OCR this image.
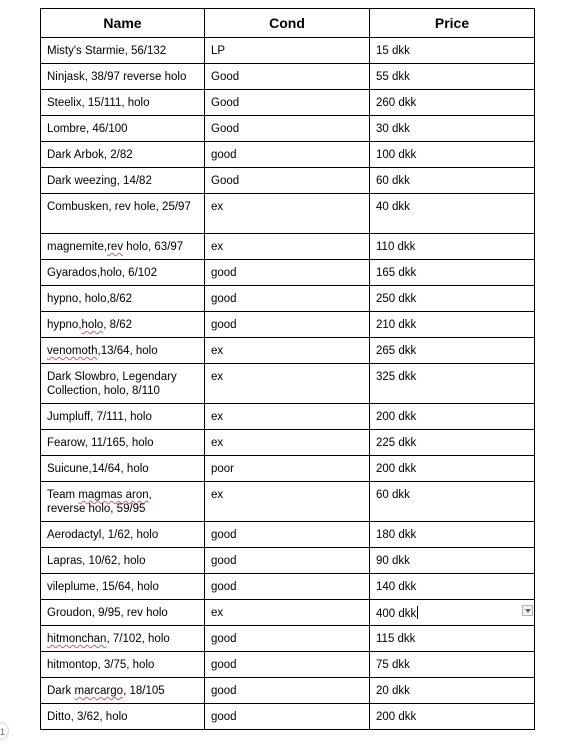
Name	Cond	Price
Misty's Starmie, 56/132	LP	15 dkk
Ninjask, 38/97 reverse holo	Good	55 dkk
Steelix, 15/111, holo	Good	260 dkk
Lombre, 46/100	Good	30 dkk
Dark Arbok, 2/82	good	100 dkk
Dark weezing, 14/82	Good	60 dkk
Combusken, rev hole, 25/97	ex	40 dkk
magnemite,rev holo, 63/97	ex	110 dkk
Gyarados,holo, 6/102	good	165 dkk
hypno, holo,8/62	good	250 dkk
hypno,holo, 8/62	good	210 dkk
venomoth,13/64, holo	ex	265 dkk
Dark Slowbro, Legendary Collection, holo, 8/110	ex	325 dkk
Jumpluff, 7/111, holo	ex	200 dkk
Fearow, 11/165, holo	ex	225 dkk
Suicune,14/64, holo	poor	200 dkk
Team magmas aron,
reverse holo, 59/95	ex	60 dkk
Aerodactyl, 1/62, holo	good	180 dkk
Lapras, 10/62, holo	good	90 dkk
vileplume, 15/64, holo	good	140 dkk
Groudon, 9/95, rev holo	ex	400 dkk

hitmonchan, 7/102, holo	good	115 dkk
hitmontop, 3/75, holo	good	75 dkk
Dark marcargo, 18/105	good	20 dkk
Ditto, 3/62, holo	good	200 dkk
1
